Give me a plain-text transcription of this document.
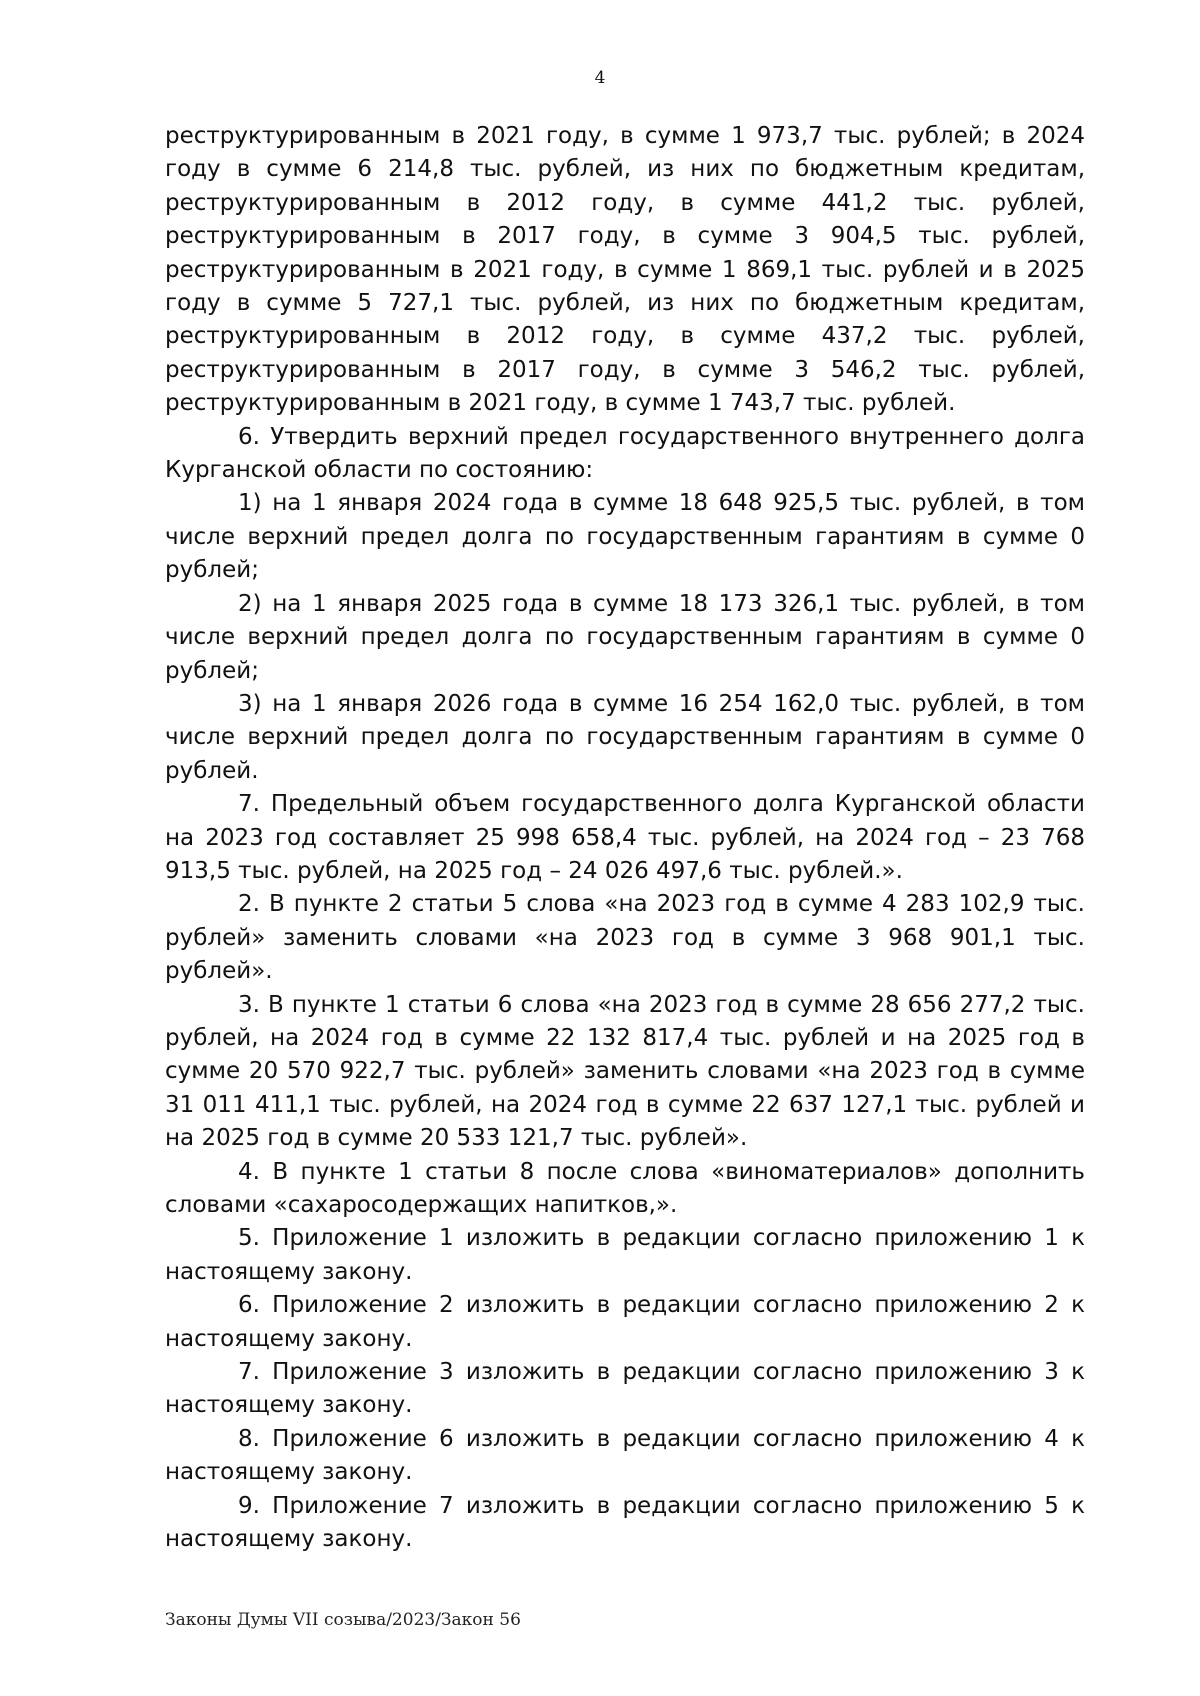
4

реструктурированным в 2021 году, в сумме 1 973,7 тыс. рублей; в 2024 году в сумме 6 214,8 тыс. рублей, из них по бюджетным кредитам, реструктурированным в 2012 году, в сумме 441,2 тыс. рублей, реструктурированным в 2017 году, в сумме 3 904,5 тыс. рублей, реструктурированным в 2021 году, в сумме 1 869,1 тыс. рублей и в 2025 году в сумме 5 727,1 тыс. рублей, из них по бюджетным кредитам, реструктурированным в 2012 году, в сумме 437,2 тыс. рублей, реструктурированным в 2017 году, в сумме 3 546,2 тыс. рублей, реструктурированным в 2021 году, в сумме 1 743,7 тыс. рублей.

6. Утвердить верхний предел государственного внутреннего долга Курганской области по состоянию:

1) на 1 января 2024 года в сумме 18 648 925,5 тыс. рублей, в том числе верхний предел долга по государственным гарантиям в сумме 0 рублей;

2) на 1 января 2025 года в сумме 18 173 326,1 тыс. рублей, в том числе верхний предел долга по государственным гарантиям в сумме 0 рублей;

3) на 1 января 2026 года в сумме 16 254 162,0 тыс. рублей, в том числе верхний предел долга по государственным гарантиям в сумме 0 рублей.

7. Предельный объем государственного долга Курганской области на 2023 год составляет 25 998 658,4 тыс. рублей, на 2024 год – 23 768 913,5 тыс. рублей, на 2025 год – 24 026 497,6 тыс. рублей.».

2. В пункте 2 статьи 5 слова «на 2023 год в сумме 4 283 102,9 тыс. рублей» заменить словами «на 2023 год в сумме 3 968 901,1 тыс. рублей».

3. В пункте 1 статьи 6 слова «на 2023 год в сумме 28 656 277,2 тыс. рублей, на 2024 год в сумме 22 132 817,4 тыс. рублей и на 2025 год в сумме 20 570 922,7 тыс. рублей» заменить словами «на 2023 год в сумме 31 011 411,1 тыс. рублей, на 2024 год в сумме 22 637 127,1 тыс. рублей и на 2025 год в сумме 20 533 121,7 тыс. рублей».

4. В пункте 1 статьи 8 после слова «виноматериалов» дополнить словами «сахаросодержащих напитков,».

5. Приложение 1 изложить в редакции согласно приложению 1 к настоящему закону.

6. Приложение 2 изложить в редакции согласно приложению 2 к настоящему закону.

7. Приложение 3 изложить в редакции согласно приложению 3 к настоящему закону.

8. Приложение 6 изложить в редакции согласно приложению 4 к настоящему закону.

9. Приложение 7 изложить в редакции согласно приложению 5 к настоящему закону.

Законы Думы VII созыва/2023/Закон 56
